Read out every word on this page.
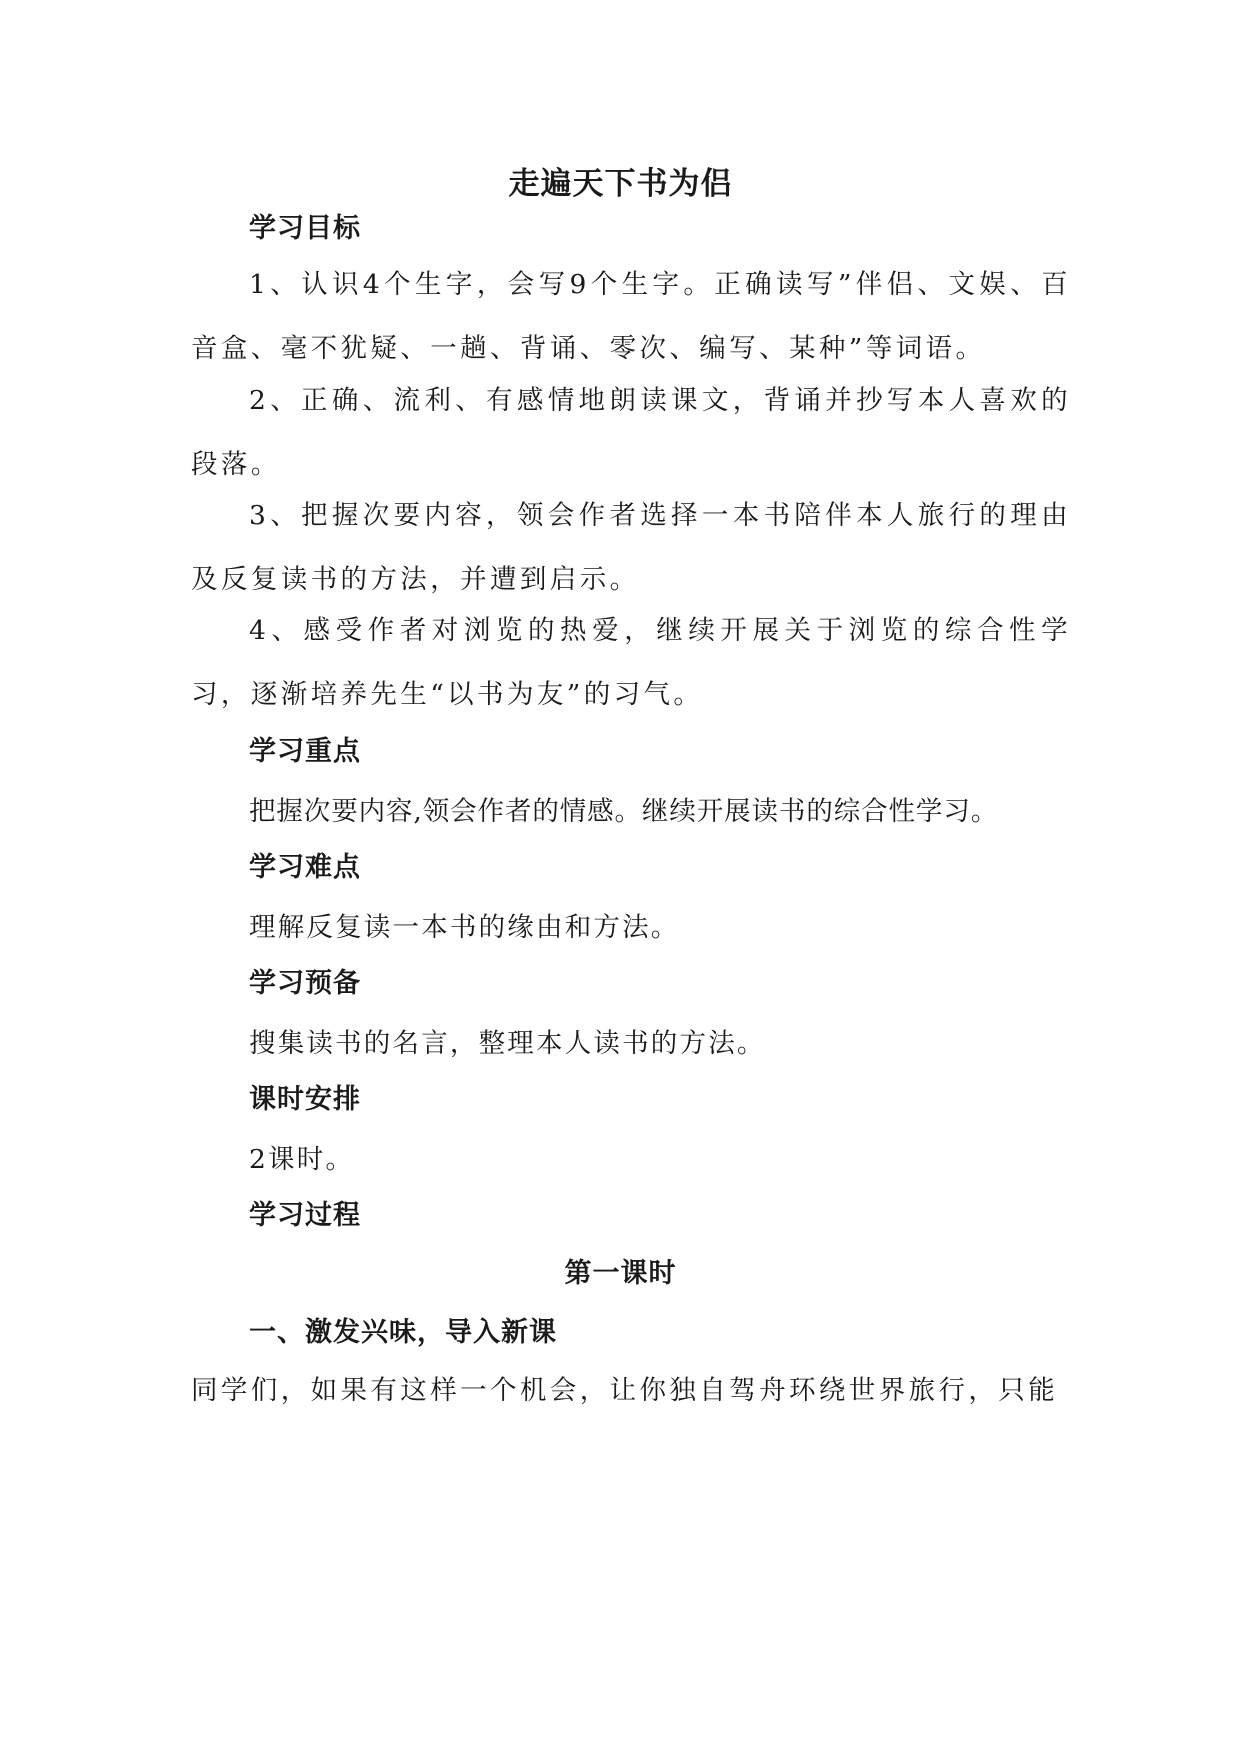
走遍天下书为侣
学习目标

1、认识4个生字，会写9个生字。正确读写”伴侣、文娱、百音盒、毫不犹疑、一趟、背诵、零次、编写、某种”等词语。

2、正确、流利、有感情地朗读课文，背诵并抄写本人喜欢的段落。

3、把握次要内容，领会作者选择一本书陪伴本人旅行的理由及反复读书的方法，并遭到启示。

4、感受作者对浏览的热爱，继续开展关于浏览的综合性学习，逐渐培养先生“以书为友”的习气。

学习重点

把握次要内容,领会作者的情感。继续开展读书的综合性学习。

学习难点

理解反复读一本书的缘由和方法。

学习预备

搜集读书的名言，整理本人读书的方法。

课时安排

2课时。

学习过程
第一课时
一、激发兴味，导入新课

同学们，如果有这样一个机会，让你独自驾舟环绕世界旅行，只能
